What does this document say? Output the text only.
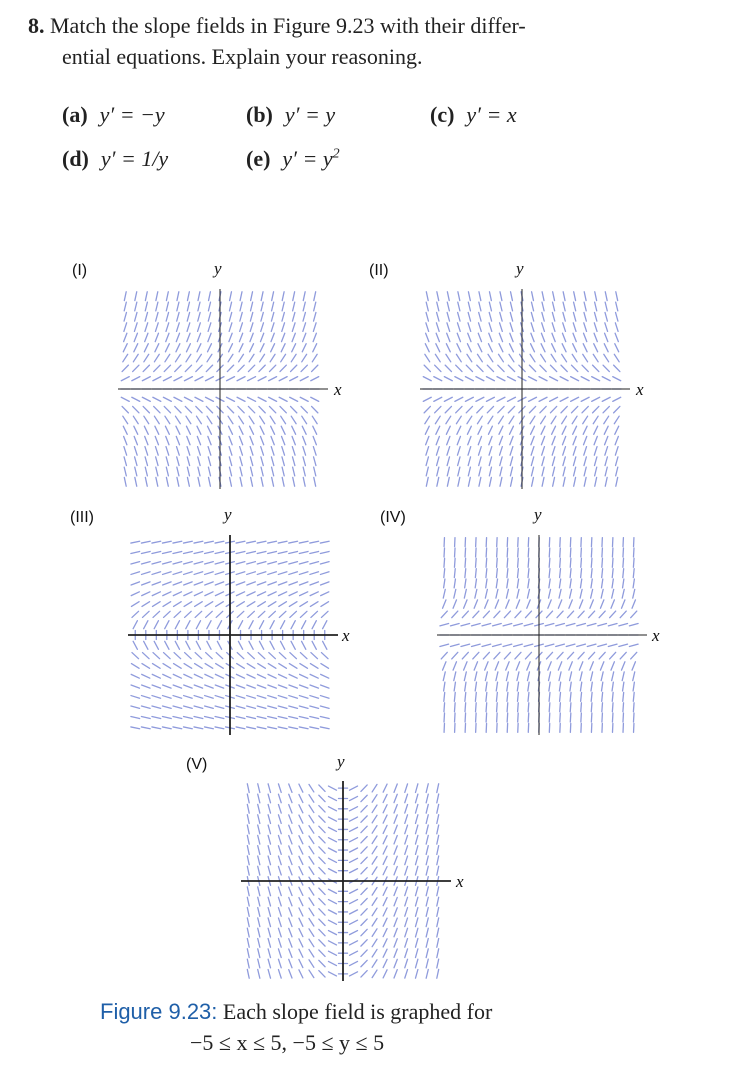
8. Match the slope fields in Figure 9.23 with their differ-
ential equations. Explain your reasoning.
(a) y′ = −y	(b) y′ = y	(c) y′ = x
(d) y′ = 1/y	(e) $y' = y^2$
(I)	y
x
(II)	y
x
(III)	y
x
(IV)	y
x
(V)	y
x
Figure 9.23: Each slope field is graphed for
−5 ≤ x ≤ 5, −5 ≤ y ≤ 5
